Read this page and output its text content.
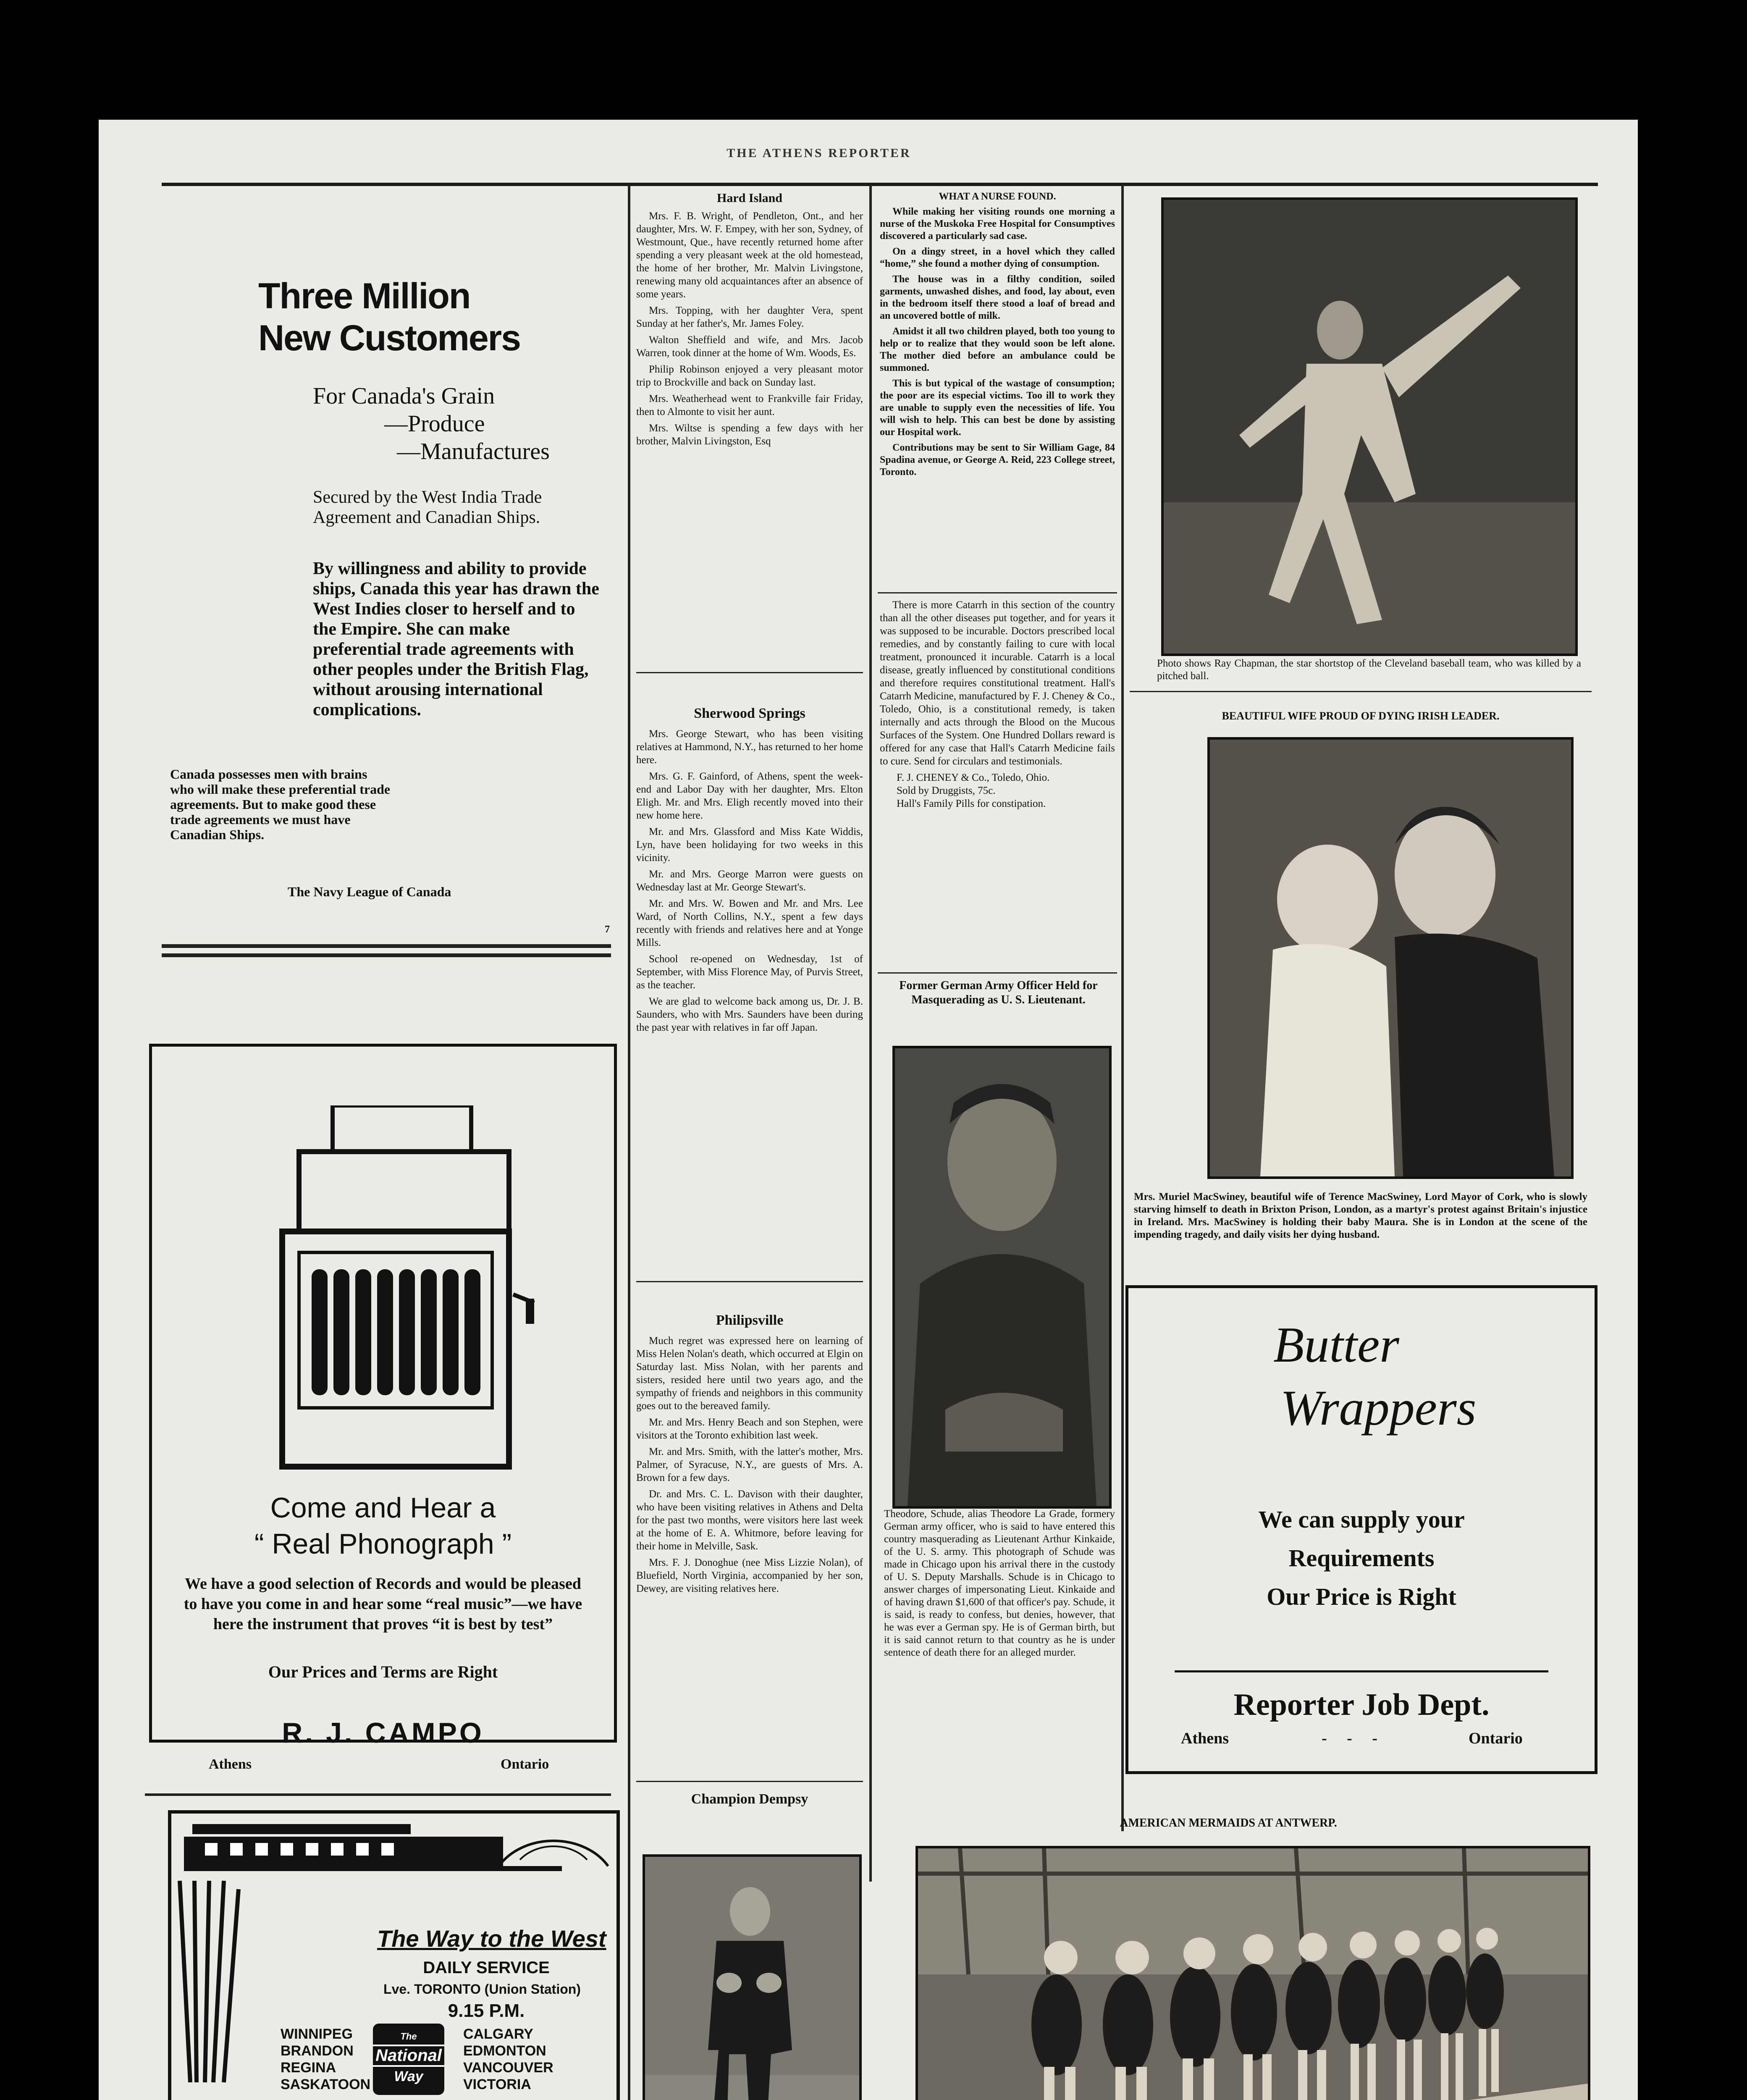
THE ATHENS REPORTER
Three Million
New Customers
For Canada's Grain
—Produce
—Manufactures
Secured by the West India Trade Agreement and Canadian Ships.
By willingness and ability to provide ships, Canada this year has drawn the West Indies closer to herself and to the Empire. She can make preferential trade agreements with other peoples under the British Flag, without arousing international complications.
Canada possesses men with brains who will make these preferential trade agreements. But to make good these trade agreements we must have Canadian Ships.
The Navy League of Canada
7
Come and Hear a
“ Real Phonograph ”
We have a good selection of Records and would be pleased to have you come in and hear some “real music”—we have here the instrument that proves “it is best by test”
Our Prices and Terms are Right
R. J. CAMPO
Athens	Ontario
The Way to the West
DAILY SERVICE
Lve. TORONTO (Union Station)
9.15 P.M.
WINNIPEG
BRANDON
REGINA
SASKATOON
The
National
Way
CALGARY
EDMONTON
VANCOUVER
VICTORIA
Hard Island

Mrs. F. B. Wright, of Pendleton, Ont., and her daughter, Mrs. W. F. Empey, with her son, Sydney, of Westmount, Que., have recently returned home after spending a very pleasant week at the old homestead, the home of her brother, Mr. Malvin Livingstone, renewing many old acquaintances after an absence of some years.

Mrs. Topping, with her daughter Vera, spent Sunday at her father's, Mr. James Foley.

Walton Sheffield and wife, and Mrs. Jacob Warren, took dinner at the home of Wm. Woods, Es.

Philip Robinson enjoyed a very pleasant motor trip to Brockville and back on Sunday last.

Mrs. Weatherhead went to Frankville fair Friday, then to Almonte to visit her aunt.

Mrs. Wiltse is spending a few days with her brother, Malvin Livingston, Esq

Sherwood Springs

Mrs. George Stewart, who has been visiting relatives at Hammond, N.Y., has returned to her home here.

Mrs. G. F. Gainford, of Athens, spent the week-end and Labor Day with her daughter, Mrs. Elton Eligh. Mr. and Mrs. Eligh recently moved into their new home here.

Mr. and Mrs. Glassford and Miss Kate Widdis, Lyn, have been holidaying for two weeks in this vicinity.

Mr. and Mrs. George Marron were guests on Wednesday last at Mr. George Stewart's.

Mr. and Mrs. W. Bowen and Mr. and Mrs. Lee Ward, of North Collins, N.Y., spent a few days recently with friends and relatives here and at Yonge Mills.

School re-opened on Wednesday, 1st of September, with Miss Florence May, of Purvis Street, as the teacher.

We are glad to welcome back among us, Dr. J. B. Saunders, who with Mrs. Saunders have been during the past year with relatives in far off Japan.

Philipsville

Much regret was expressed here on learning of Miss Helen Nolan's death, which occurred at Elgin on Saturday last. Miss Nolan, with her parents and sisters, resided here until two years ago, and the sympathy of friends and neighbors in this community goes out to the bereaved family.

Mr. and Mrs. Henry Beach and son Stephen, were visitors at the Toronto exhibition last week.

Mr. and Mrs. Smith, with the latter's mother, Mrs. Palmer, of Syracuse, N.Y., are guests of Mrs. A. Brown for a few days.

Dr. and Mrs. C. L. Davison with their daughter, who have been visiting relatives in Athens and Delta for the past two months, were visitors here last week at the home of E. A. Whitmore, before leaving for their home in Melville, Sask.

Mrs. F. J. Donoghue (nee Miss Lizzie Nolan), of Bluefield, North Virginia, accompanied by her son, Dewey, are visiting relatives here.

Champion Dempsy
WHAT A NURSE FOUND.

While making her visiting rounds one morning a nurse of the Muskoka Free Hospital for Consumptives discovered a particularly sad case.

On a dingy street, in a hovel which they called “home,” she found a mother dying of consumption.

The house was in a filthy condition, soiled garments, unwashed dishes, and food, lay about, even in the bedroom itself there stood a loaf of bread and an uncovered bottle of milk.

Amidst it all two children played, both too young to help or to realize that they would soon be left alone. The mother died before an ambulance could be summoned.

This is but typical of the wastage of consumption; the poor are its especial victims. Too ill to work they are unable to supply even the necessities of life. You will wish to help. This can best be done by assisting our Hospital work.

Contributions may be sent to Sir William Gage, 84 Spadina avenue, or George A. Reid, 223 College street, Toronto.

There is more Catarrh in this section of the country than all the other diseases put together, and for years it was supposed to be incurable. Doctors prescribed local remedies, and by constantly failing to cure with local treatment, pronounced it incurable. Catarrh is a local disease, greatly influenced by constitutional conditions and therefore requires constitutional treatment. Hall's Catarrh Medicine, manufactured by F. J. Cheney & Co., Toledo, Ohio, is a constitutional remedy, is taken internally and acts through the Blood on the Mucous Surfaces of the System. One Hundred Dollars reward is offered for any case that Hall's Catarrh Medicine fails to cure. Send for circulars and testimonials.

F. J. CHENEY & Co., Toledo, Ohio.
Sold by Druggists, 75c.
Hall's Family Pills for constipation.
Former German Army Officer Held for Masquerading as U. S. Lieutenant.
Theodore, Schude, alias Theodore La Grade, formery German army officer, who is said to have entered this country masquerading as Lieutenant Arthur Kinkaide, of the U. S. army. This photograph of Schude was made in Chicago upon his arrival there in the custody of U. S. Deputy Marshalls. Schude is in Chicago to answer charges of impersonating Lieut. Kinkaide and of having drawn $1,600 of that officer's pay. Schude, it is said, is ready to confess, but denies, however, that he was ever a German spy. He is of German birth, but it is said cannot return to that country as he is under sentence of death there for an alleged murder.
Photo shows Ray Chapman, the star shortstop of the Cleveland baseball team, who was killed by a pitched ball.
BEAUTIFUL WIFE PROUD OF DYING IRISH LEADER.
Mrs. Muriel MacSwiney, beautiful wife of Terence MacSwiney, Lord Mayor of Cork, who is slowly starving himself to death in Brixton Prison, London, as a martyr's protest against Britain's injustice in Ireland. Mrs. MacSwiney is holding their baby Maura. She is in London at the scene of the impending tragedy, and daily visits her dying husband.
Butter
Wrappers
We can supply your
Requirements
Our Price is Right
Reporter Job Dept.
Athens	-     -     -	Ontario
AMERICAN MERMAIDS AT ANTWERP.
